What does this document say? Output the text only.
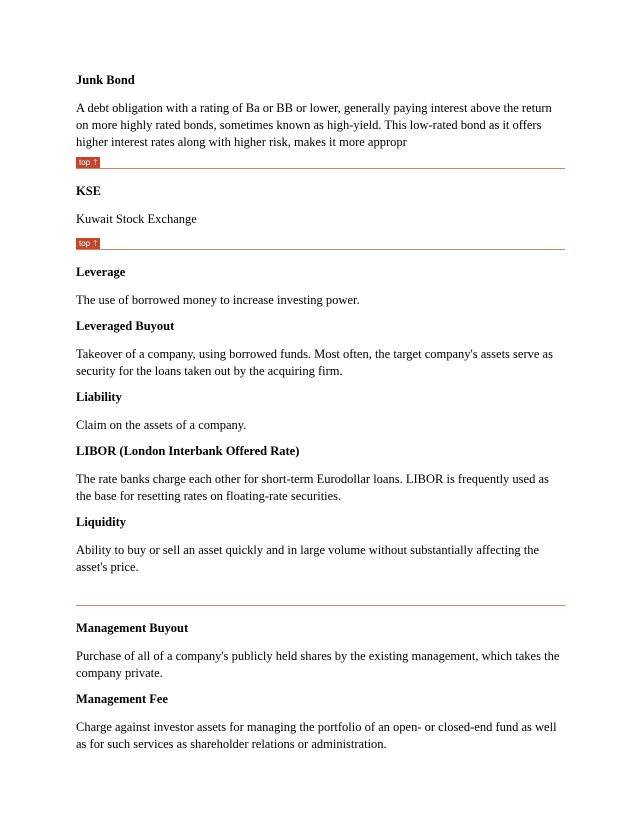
Junk Bond

A debt obligation with a rating of Ba or BB or lower, generally paying interest above the return on more highly rated bonds, sometimes known as high-yield. This low-rated bond as it offers higher interest rates along with higher risk, makes it more appropr

top 🡑

KSE

Kuwait Stock Exchange

top 🡑

Leverage

The use of borrowed money to increase investing power.

Leveraged Buyout

Takeover of a company, using borrowed funds. Most often, the target company's assets serve as security for the loans taken out by the acquiring firm.

Liability

Claim on the assets of a company.

LIBOR (London Interbank Offered Rate)

The rate banks charge each other for short-term Eurodollar loans. LIBOR is frequently used as the base for resetting rates on floating-rate securities.

Liquidity

Ability to buy or sell an asset quickly and in large volume without substantially affecting the asset's price.

Management Buyout

Purchase of all of a company's publicly held shares by the existing management, which takes the company private.

Management Fee

Charge against investor assets for managing the portfolio of an open- or closed-end fund as well as for such services as shareholder relations or administration.
